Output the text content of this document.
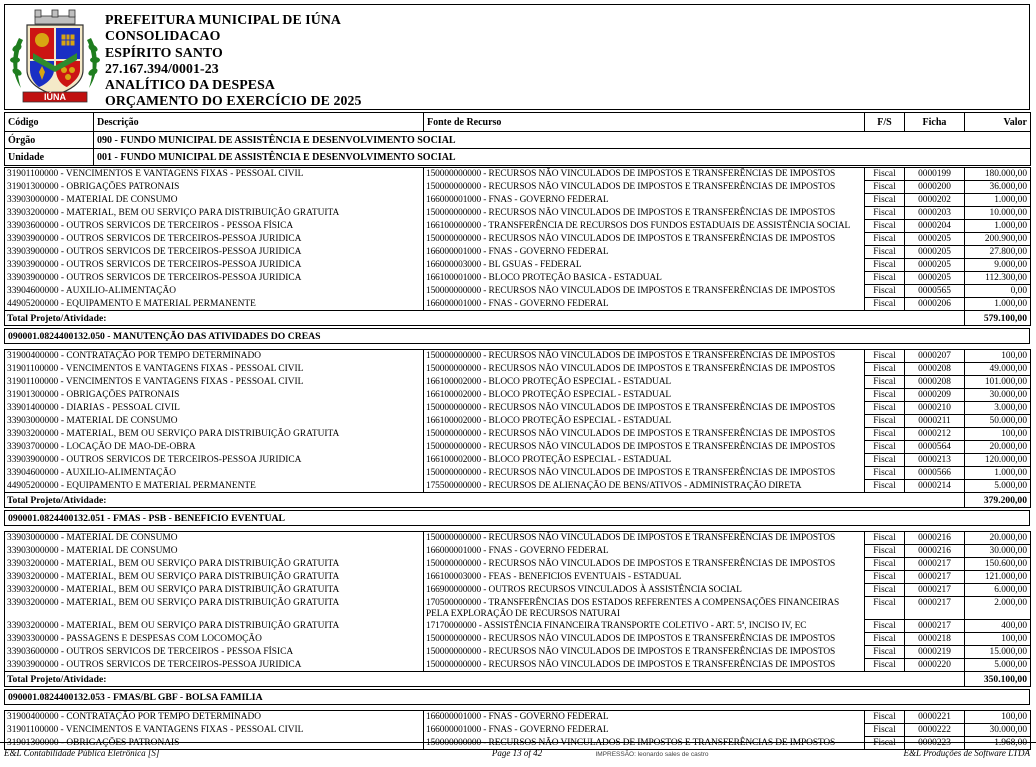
IÚNA
PREFEITURA MUNICIPAL DE IÚNA
CONSOLIDACAO
ESPÍRITO SANTO
27.167.394/0001-23
ANALÍTICO DA DESPESA
ORÇAMENTO DO EXERCÍCIO DE 2025
Código	Descrição	Fonte de Recurso	F/S	Ficha	Valor
Órgão	090 - FUNDO MUNICIPAL DE ASSISTÊNCIA E DESENVOLVIMENTO SOCIAL				
Unidade	001 - FUNDO MUNICIPAL DE ASSISTÊNCIA E DESENVOLVIMENTO SOCIAL				
31901100000 - VENCIMENTOS E VANTAGENS FIXAS - PESSOAL CIVIL	150000000000 - RECURSOS NÃO VINCULADOS DE IMPOSTOS E TRANSFERÊNCIAS DE IMPOSTOS	Fiscal	0000199	180.000,00
31901300000 - OBRIGAÇÕES PATRONAIS	150000000000 - RECURSOS NÃO VINCULADOS DE IMPOSTOS E TRANSFERÊNCIAS DE IMPOSTOS	Fiscal	0000200	36.000,00
33903000000 - MATERIAL DE CONSUMO	166000001000 - FNAS - GOVERNO FEDERAL	Fiscal	0000202	1.000,00
33903200000 - MATERIAL, BEM OU SERVIÇO PARA DISTRIBUIÇÃO GRATUITA	150000000000 - RECURSOS NÃO VINCULADOS DE IMPOSTOS E TRANSFERÊNCIAS DE IMPOSTOS	Fiscal	0000203	10.000,00
33903600000 - OUTROS SERVICOS DE TERCEIROS - PESSOA FÍSICA	166100000000 - TRANSFERÊNCIA DE RECURSOS DOS FUNDOS ESTADUAIS DE ASSISTÊNCIA SOCIAL	Fiscal	0000204	1.000,00
33903900000 - OUTROS SERVICOS DE TERCEIROS-PESSOA JURIDICA	150000000000 - RECURSOS NÃO VINCULADOS DE IMPOSTOS E TRANSFERÊNCIAS DE IMPOSTOS	Fiscal	0000205	200.900,00
33903900000 - OUTROS SERVICOS DE TERCEIROS-PESSOA JURIDICA	166000001000 - FNAS - GOVERNO FEDERAL	Fiscal	0000205	27.800,00
33903900000 - OUTROS SERVICOS DE TERCEIROS-PESSOA JURIDICA	166000003000 - BL GSUAS - FEDERAL	Fiscal	0000205	9.000,00
33903900000 - OUTROS SERVICOS DE TERCEIROS-PESSOA JURIDICA	166100001000 - BLOCO PROTEÇÃO BASICA - ESTADUAL	Fiscal	0000205	112.300,00
33904600000 - AUXILIO-ALIMENTAÇÃO	150000000000 - RECURSOS NÃO VINCULADOS DE IMPOSTOS E TRANSFERÊNCIAS DE IMPOSTOS	Fiscal	0000565	0,00
44905200000 - EQUIPAMENTO E MATERIAL PERMANENTE	166000001000 - FNAS - GOVERNO FEDERAL	Fiscal	0000206	1.000,00
Total Projeto/Atividade:				579.100,00
090001.0824400132.050 - MANUTENÇÃO DAS ATIVIDADES DO CREAS
31900400000 - CONTRATAÇÃO POR TEMPO DETERMINADO	150000000000 - RECURSOS NÃO VINCULADOS DE IMPOSTOS E TRANSFERÊNCIAS DE IMPOSTOS	Fiscal	0000207	100,00
31901100000 - VENCIMENTOS E VANTAGENS FIXAS - PESSOAL CIVIL	150000000000 - RECURSOS NÃO VINCULADOS DE IMPOSTOS E TRANSFERÊNCIAS DE IMPOSTOS	Fiscal	0000208	49.000,00
31901100000 - VENCIMENTOS E VANTAGENS FIXAS - PESSOAL CIVIL	166100002000 - BLOCO PROTEÇÃO ESPECIAL - ESTADUAL	Fiscal	0000208	101.000,00
31901300000 - OBRIGAÇÕES PATRONAIS	166100002000 - BLOCO PROTEÇÃO ESPECIAL - ESTADUAL	Fiscal	0000209	30.000,00
33901400000 - DIARIAS - PESSOAL CIVIL	150000000000 - RECURSOS NÃO VINCULADOS DE IMPOSTOS E TRANSFERÊNCIAS DE IMPOSTOS	Fiscal	0000210	3.000,00
33903000000 - MATERIAL DE CONSUMO	166100002000 - BLOCO PROTEÇÃO ESPECIAL - ESTADUAL	Fiscal	0000211	50.000,00
33903200000 - MATERIAL, BEM OU SERVIÇO PARA DISTRIBUIÇÃO GRATUITA	150000000000 - RECURSOS NÃO VINCULADOS DE IMPOSTOS E TRANSFERÊNCIAS DE IMPOSTOS	Fiscal	0000212	100,00
33903700000 - LOCAÇÃO DE MAO-DE-OBRA	150000000000 - RECURSOS NÃO VINCULADOS DE IMPOSTOS E TRANSFERÊNCIAS DE IMPOSTOS	Fiscal	0000564	20.000,00
33903900000 - OUTROS SERVICOS DE TERCEIROS-PESSOA JURIDICA	166100002000 - BLOCO PROTEÇÃO ESPECIAL - ESTADUAL	Fiscal	0000213	120.000,00
33904600000 - AUXILIO-ALIMENTAÇÃO	150000000000 - RECURSOS NÃO VINCULADOS DE IMPOSTOS E TRANSFERÊNCIAS DE IMPOSTOS	Fiscal	0000566	1.000,00
44905200000 - EQUIPAMENTO E MATERIAL PERMANENTE	175500000000 - RECURSOS DE ALIENAÇÃO DE BENS/ATIVOS - ADMINISTRAÇÃO DIRETA	Fiscal	0000214	5.000,00
Total Projeto/Atividade:				379.200,00
090001.0824400132.051 - FMAS - PSB - BENEFICIO EVENTUAL
33903000000 - MATERIAL DE CONSUMO	150000000000 - RECURSOS NÃO VINCULADOS DE IMPOSTOS E TRANSFERÊNCIAS DE IMPOSTOS	Fiscal	0000216	20.000,00
33903000000 - MATERIAL DE CONSUMO	166000001000 - FNAS - GOVERNO FEDERAL	Fiscal	0000216	30.000,00
33903200000 - MATERIAL, BEM OU SERVIÇO PARA DISTRIBUIÇÃO GRATUITA	150000000000 - RECURSOS NÃO VINCULADOS DE IMPOSTOS E TRANSFERÊNCIAS DE IMPOSTOS	Fiscal	0000217	150.600,00
33903200000 - MATERIAL, BEM OU SERVIÇO PARA DISTRIBUIÇÃO GRATUITA	166100003000 - FEAS - BENEFICIOS EVENTUAIS - ESTADUAL	Fiscal	0000217	121.000,00
33903200000 - MATERIAL, BEM OU SERVIÇO PARA DISTRIBUIÇÃO GRATUITA	166900000000 - OUTROS RECURSOS VINCULADOS À ASSISTÊNCIA SOCIAL	Fiscal	0000217	6.000,00
33903200000 - MATERIAL, BEM OU SERVIÇO PARA DISTRIBUIÇÃO GRATUITA	170500000000 - TRANSFERÊNCIAS DOS ESTADOS REFERENTES A COMPENSAÇÕES FINANCEIRAS PELA EXPLORAÇÃO DE RECURSOS NATURAI	Fiscal	0000217	2.000,00
33903200000 - MATERIAL, BEM OU SERVIÇO PARA DISTRIBUIÇÃO GRATUITA	17170000000 - ASSISTÊNCIA FINANCEIRA TRANSPORTE COLETIVO - ART. 5ª, INCISO IV, EC	Fiscal	0000217	400,00
33903300000 - PASSAGENS E DESPESAS COM LOCOMOÇÃO	150000000000 - RECURSOS NÃO VINCULADOS DE IMPOSTOS E TRANSFERÊNCIAS DE IMPOSTOS	Fiscal	0000218	100,00
33903600000 - OUTROS SERVICOS DE TERCEIROS - PESSOA FÍSICA	150000000000 - RECURSOS NÃO VINCULADOS DE IMPOSTOS E TRANSFERÊNCIAS DE IMPOSTOS	Fiscal	0000219	15.000,00
33903900000 - OUTROS SERVICOS DE TERCEIROS-PESSOA JURIDICA	150000000000 - RECURSOS NÃO VINCULADOS DE IMPOSTOS E TRANSFERÊNCIAS DE IMPOSTOS	Fiscal	0000220	5.000,00
Total Projeto/Atividade:				350.100,00
090001.0824400132.053 - FMAS/BL GBF - BOLSA FAMILIA
31900400000 - CONTRATAÇÃO POR TEMPO DETERMINADO	166000001000 - FNAS - GOVERNO FEDERAL	Fiscal	0000221	100,00
31901100000 - VENCIMENTOS E VANTAGENS FIXAS - PESSOAL CIVIL	166000001000 - FNAS - GOVERNO FEDERAL	Fiscal	0000222	30.000,00
31901300000 - OBRIGAÇÕES PATRONAIS	150000000000 - RECURSOS NÃO VINCULADOS DE IMPOSTOS E TRANSFERÊNCIAS DE IMPOSTOS	Fiscal	0000223	1.968,00
IMPRESSÃO: leonardo sales de castro
E&L Contabilidade Pública Eletrônica [S]	Page 13 of 42	E&L Produções de Software LTDA
